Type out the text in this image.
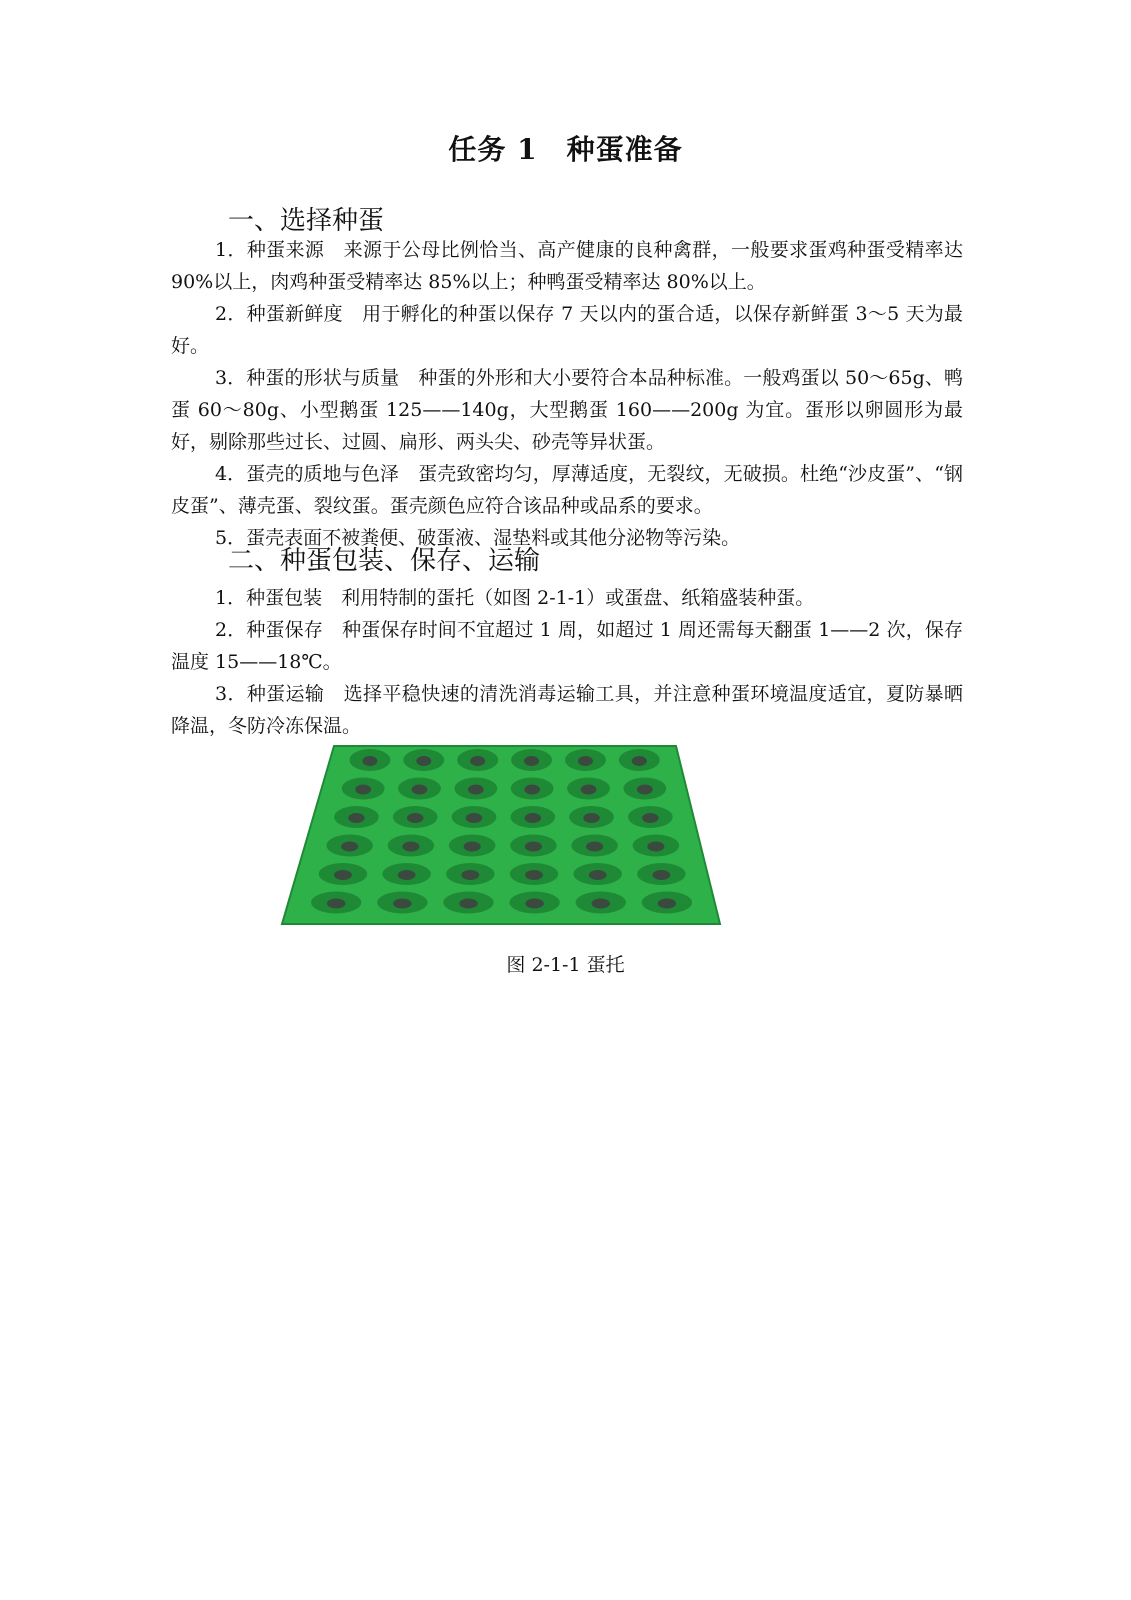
任务 1　种蛋准备
一、选择种蛋
1．种蛋来源　来源于公母比例恰当、高产健康的良种禽群，一般要求蛋鸡种蛋受精率达 90%以上，肉鸡种蛋受精率达 85%以上；种鸭蛋受精率达 80%以上。
2．种蛋新鲜度　用于孵化的种蛋以保存 7 天以内的蛋合适，以保存新鲜蛋 3～5 天为最好。
3．种蛋的形状与质量　种蛋的外形和大小要符合本品种标准。一般鸡蛋以 50～65g、鸭蛋 60～80g、小型鹅蛋 125——140g，大型鹅蛋 160——200g 为宜。蛋形以卵圆形为最好，剔除那些过长、过圆、扁形、两头尖、砂壳等异状蛋。
4．蛋壳的质地与色泽　蛋壳致密均匀，厚薄适度，无裂纹，无破损。杜绝“沙皮蛋”、“钢皮蛋”、薄壳蛋、裂纹蛋。蛋壳颜色应符合该品种或品系的要求。
5．蛋壳表面不被粪便、破蛋液、湿垫料或其他分泌物等污染。
二、种蛋包装、保存、运输
1．种蛋包装　利用特制的蛋托（如图 2-1-1）或蛋盘、纸箱盛装种蛋。
2．种蛋保存　种蛋保存时间不宜超过 1 周，如超过 1 周还需每天翻蛋 1——2 次，保存温度 15——18℃。
3．种蛋运输　选择平稳快速的清洗消毒运输工具，并注意种蛋环境温度适宜，夏防暴晒降温，冬防冷冻保温。
图 2-1-1 蛋托
